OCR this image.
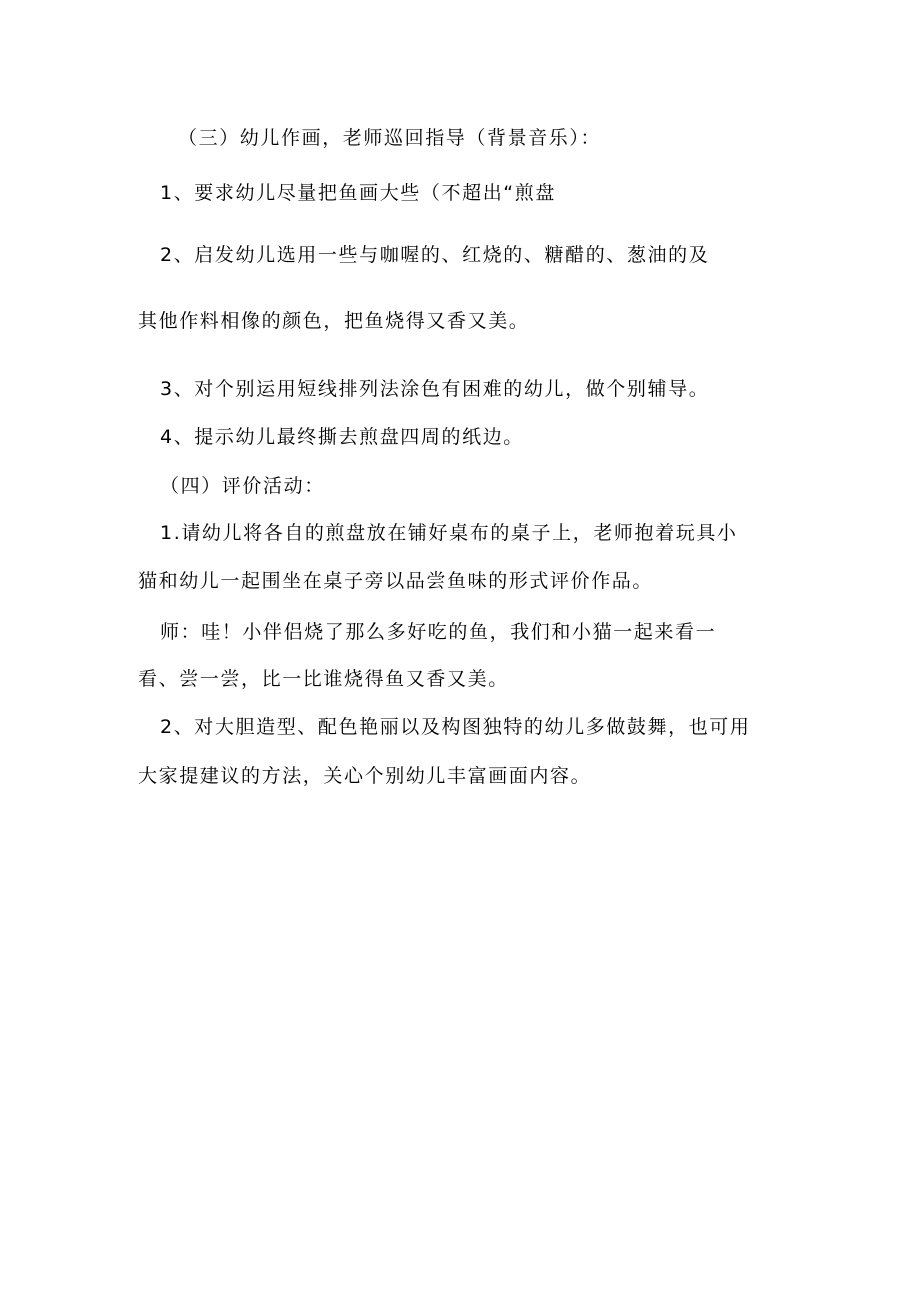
（三）幼儿作画，老师巡回指导（背景音乐）：
1、要求幼儿尽量把鱼画大些（不超出“煎盘
2、启发幼儿选用一些与咖喔的、红烧的、糖醋的、葱油的及
其他作料相像的颜色，把鱼烧得又香又美。
3、对个别运用短线排列法涂色有困难的幼儿，做个别辅导。
4、提示幼儿最终撕去煎盘四周的纸边。
（四）评价活动：
1.请幼儿将各自的煎盘放在铺好桌布的桌子上，老师抱着玩具小
猫和幼儿一起围坐在桌子旁以品尝鱼味的形式评价作品。
师：哇！小伴侣烧了那么多好吃的鱼，我们和小猫一起来看一
看、尝一尝，比一比谁烧得鱼又香又美。
2、对大胆造型、配色艳丽以及构图独特的幼儿多做鼓舞，也可用
大家提建议的方法，关心个别幼儿丰富画面内容。
